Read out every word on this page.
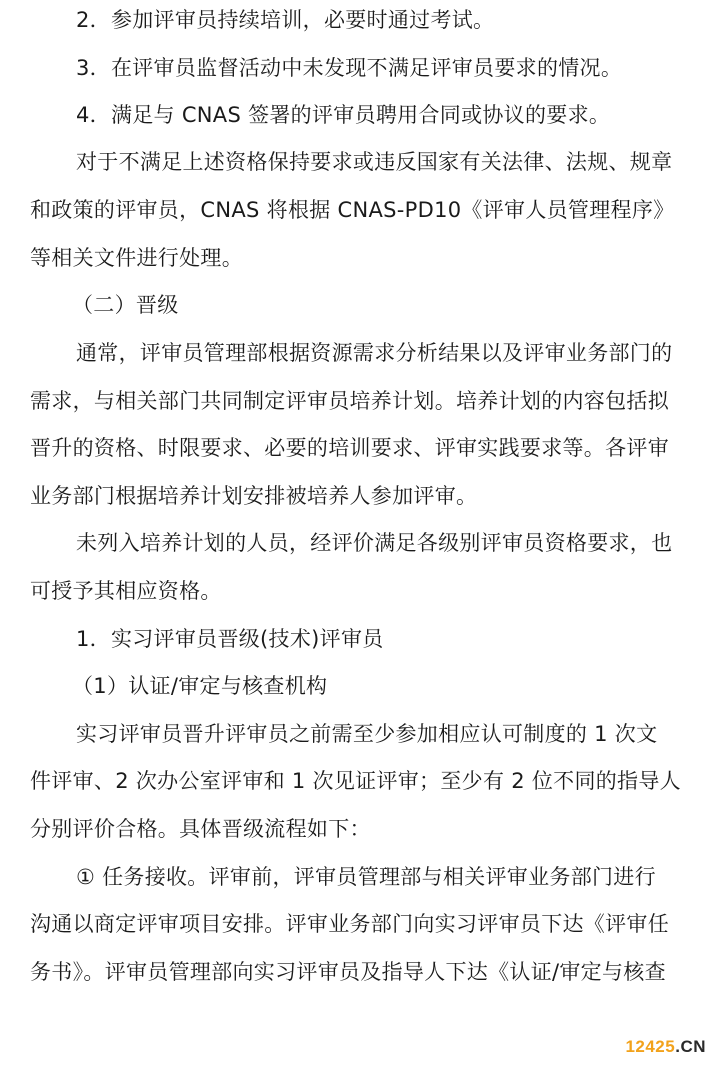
2．参加评审员持续培训，必要时通过考试。
3．在评审员监督活动中未发现不满足评审员要求的情况。
4．满足与 CNAS 签署的评审员聘用合同或协议的要求。
对于不满足上述资格保持要求或违反国家有关法律、法规、规章
和政策的评审员，CNAS 将根据 CNAS-PD10《评审人员管理程序》
等相关文件进行处理。
（二）晋级
通常，评审员管理部根据资源需求分析结果以及评审业务部门的
需求，与相关部门共同制定评审员培养计划。培养计划的内容包括拟
晋升的资格、时限要求、必要的培训要求、评审实践要求等。各评审
业务部门根据培养计划安排被培养人参加评审。
未列入培养计划的人员，经评价满足各级别评审员资格要求，也
可授予其相应资格。
1．实习评审员晋级(技术)评审员
（1）认证/审定与核查机构
实习评审员晋升评审员之前需至少参加相应认可制度的 1 次文
件评审、2 次办公室评审和 1 次见证评审；至少有 2 位不同的指导人
分别评价合格。具体晋级流程如下：
① 任务接收。评审前，评审员管理部与相关评审业务部门进行
沟通以商定评审项目安排。评审业务部门向实习评审员下达《评审任
务书》。评审员管理部向实习评审员及指导人下达《认证/审定与核查
12425.CN
